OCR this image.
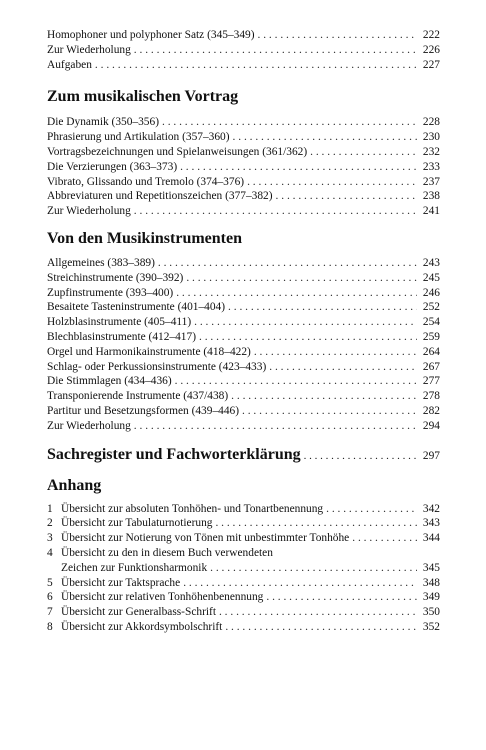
Homophoner und polyphoner Satz (345–349) . . .	222
Zur Wiederholung . . .	226
Aufgaben . . .	227
Zum musikalischen Vortrag
Die Dynamik (350–356) . . .	228
Phrasierung und Artikulation (357–360) . . .	230
Vortragsbezeichnungen und Spielanweisungen (361/362) . . .	232
Die Verzierungen (363–373) . . .	233
Vibrato, Glissando und Tremolo (374–376) . . .	237
Abbreviaturen und Repetitionszeichen (377–382) . . .	238
Zur Wiederholung . . .	241
Von den Musikinstrumenten
Allgemeines (383–389) . . .	243
Streichinstrumente (390–392) . . .	245
Zupfinstrumente (393–400) . . .	246
Besaitete Tasteninstrumente (401–404) . . .	252
Holzblasinstrumente (405–411) . . .	254
Blechblasinstrumente (412–417) . . .	259
Orgel und Harmonikainstrumente (418–422) . . .	264
Schlag- oder Perkussionsinstrumente (423–433) . . .	267
Die Stimmlagen (434–436) . . .	277
Transponierende Instrumente (437/438) . . .	278
Partitur und Besetzungsformen (439–446) . . .	282
Zur Wiederholung . . .	294
Sachregister und Fachworterklärung . . .	297
Anhang
1 Übersicht zur absoluten Tonhöhen- und Tonartbenennung . . .	342
2 Übersicht zur Tabulaturnotierung . . .	343
3 Übersicht zur Notierung von Tönen mit unbestimmter Tonhöhe . . .	344
4 Übersicht zu den in diesem Buch verwendeten
Zeichen zur Funktionsharmonik . . .	345
5 Übersicht zur Taktsprache . . .	348
6 Übersicht zur relativen Tonhöhenbenennung . . .	349
7 Übersicht zur Generalbass-Schrift . . .	350
8 Übersicht zur Akkordsymbolschrift . . .	352
